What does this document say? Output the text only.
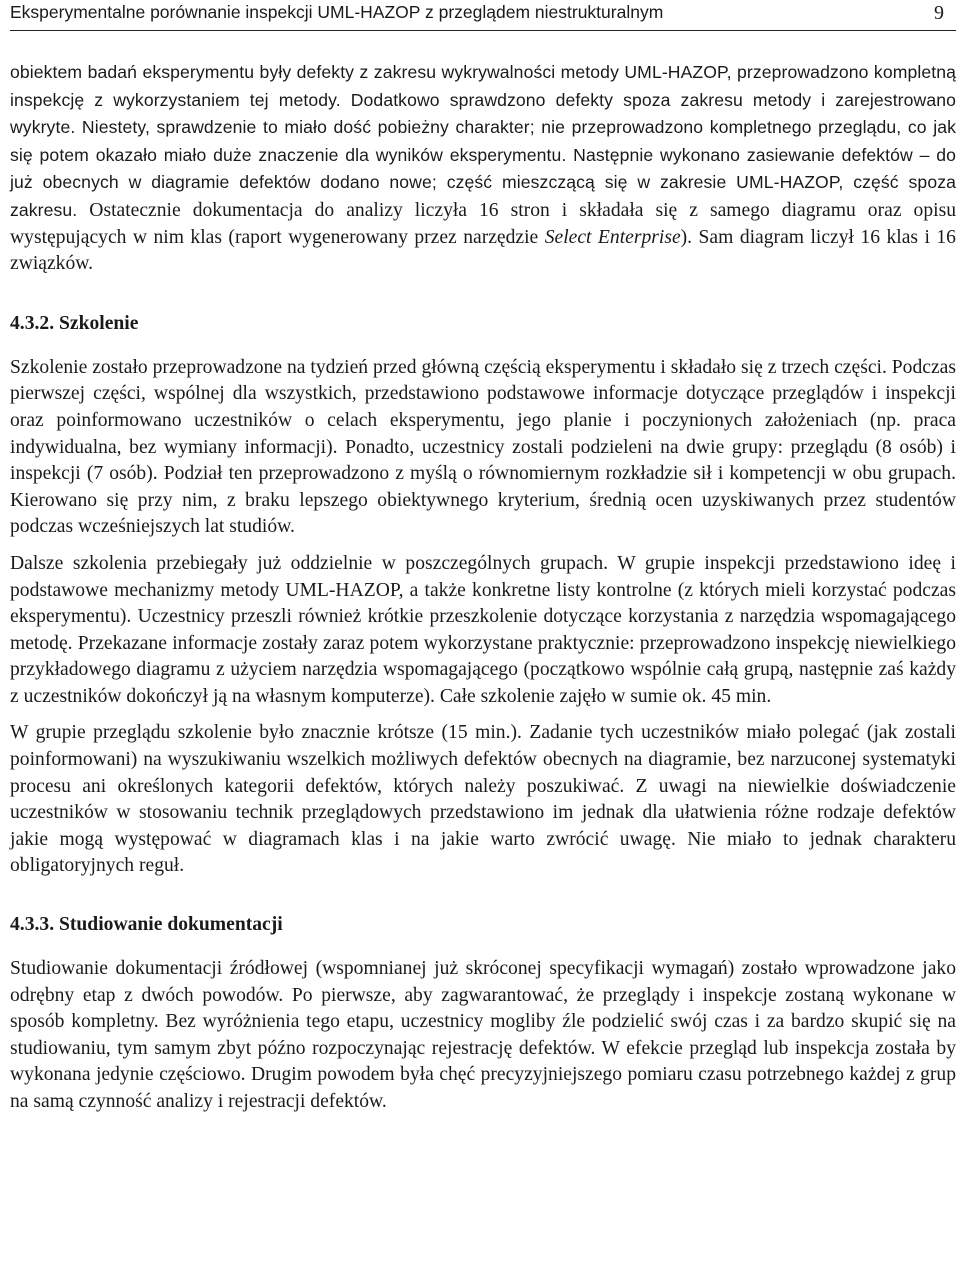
Eksperymentalne porównanie inspekcji UML-HAZOP z przeglądem niestrukturalnym	9

obiektem badań eksperymentu były defekty z zakresu wykrywalności metody UML-HAZOP, przeprowadzono kompletną inspekcję z wykorzystaniem tej metody. Dodatkowo sprawdzono defekty spoza zakresu metody i zarejestrowano wykryte. Niestety, sprawdzenie to miało dość pobieżny charakter; nie przeprowadzono kompletnego przeglądu, co jak się potem okazało miało duże znaczenie dla wyników eksperymentu. Następnie wykonano zasiewanie defektów – do już obecnych w diagramie defektów dodano nowe; część mieszczącą się w zakresie UML-HAZOP, część spoza zakresu. Ostatecznie dokumentacja do analizy liczyła 16 stron i składała się z samego diagramu oraz opisu występujących w nim klas (raport wygenerowany przez narzędzie Select Enterprise). Sam diagram liczył 16 klas i 16 związków.

4.3.2. Szkolenie

Szkolenie zostało przeprowadzone na tydzień przed główną częścią eksperymentu i składało się z trzech części. Podczas pierwszej części, wspólnej dla wszystkich, przedstawiono podstawowe informacje dotyczące przeglądów i inspekcji oraz poinformowano uczestników o celach eksperymentu, jego planie i poczynionych założeniach (np. praca indywidualna, bez wymiany informacji). Ponadto, uczestnicy zostali podzieleni na dwie grupy: przeglądu (8 osób) i inspekcji (7 osób). Podział ten przeprowadzono z myślą o równomiernym rozkładzie sił i kompetencji w obu grupach. Kierowano się przy nim, z braku lepszego obiektywnego kryterium, średnią ocen uzyskiwanych przez studentów podczas wcześniejszych lat studiów.

Dalsze szkolenia przebiegały już oddzielnie w poszczególnych grupach. W grupie inspekcji przedstawiono ideę i podstawowe mechanizmy metody UML-HAZOP, a także konkretne listy kontrolne (z których mieli korzystać podczas eksperymentu). Uczestnicy przeszli również krótkie przeszkolenie dotyczące korzystania z narzędzia wspomagającego metodę. Przekazane informacje zostały zaraz potem wykorzystane praktycznie: przeprowadzono inspekcję niewielkiego przykładowego diagramu z użyciem narzędzia wspomagającego (początkowo wspólnie całą grupą, następnie zaś każdy z uczestników dokończył ją na własnym komputerze). Całe szkolenie zajęło w sumie ok. 45 min.

W grupie przeglądu szkolenie było znacznie krótsze (15 min.). Zadanie tych uczestników miało polegać (jak zostali poinformowani) na wyszukiwaniu wszelkich możliwych defektów obecnych na diagramie, bez narzuconej systematyki procesu ani określonych kategorii defektów, których należy poszukiwać. Z uwagi na niewielkie doświadczenie uczestników w stosowaniu technik przeglądowych przedstawiono im jednak dla ułatwienia różne rodzaje defektów jakie mogą występować w diagramach klas i na jakie warto zwrócić uwagę. Nie miało to jednak charakteru obligatoryjnych reguł.

4.3.3. Studiowanie dokumentacji

Studiowanie dokumentacji źródłowej (wspomnianej już skróconej specyfikacji wymagań) zostało wprowadzone jako odrębny etap z dwóch powodów. Po pierwsze, aby zagwarantować, że przeglądy i inspekcje zostaną wykonane w sposób kompletny. Bez wyróżnienia tego etapu, uczestnicy mogliby źle podzielić swój czas i za bardzo skupić się na studiowaniu, tym samym zbyt późno rozpoczynając rejestrację defektów. W efekcie przegląd lub inspekcja została by wykonana jedynie częściowo. Drugim powodem była chęć precyzyjniejszego pomiaru czasu potrzebnego każdej z grup na samą czynność analizy i rejestracji defektów.
